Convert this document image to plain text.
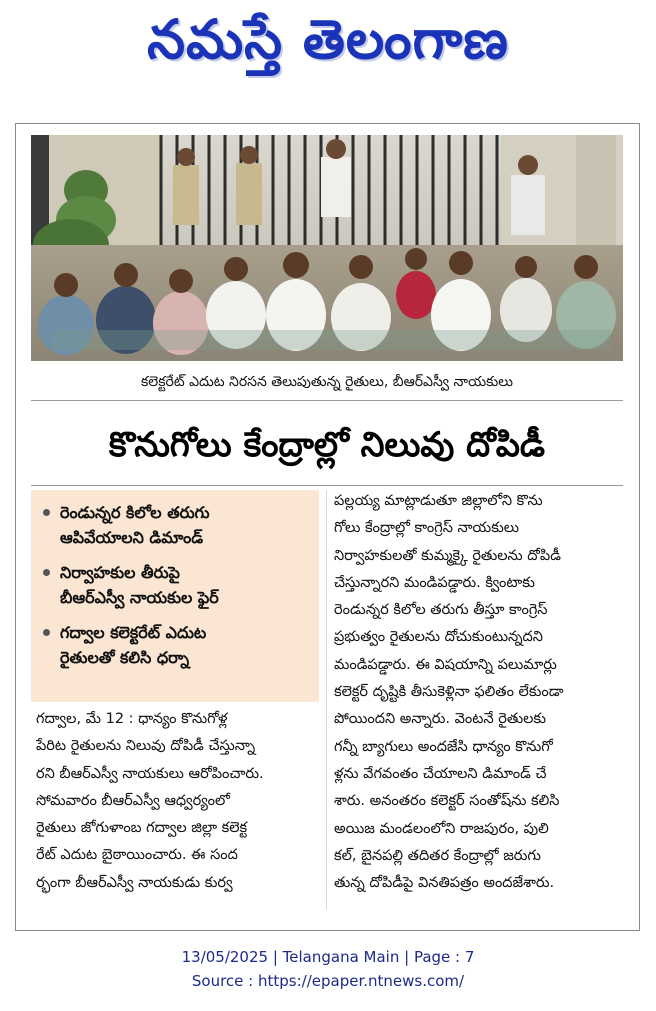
నమస్తే తెలంగాణ
కలెక్టరేట్ ఎదుట నిరసన తెలుపుతున్న రైతులు, బీఆర్ఎస్వీ నాయకులు
కొనుగోలు కేంద్రాల్లో నిలువు దోపిడీ
రెండున్నర కిలోల తరుగు
ఆపివేయాలని డిమాండ్
నిర్వాహకుల తీరుపై
బీఆర్ఎస్వీ నాయకుల ఫైర్
గద్వాల కలెక్టరేట్ ఎదుట
రైతులతో కలిసి ధర్నా
గద్వాల, మే 12 : ధాన్యం కొనుగోళ్ల
పేరిట రైతులను నిలువు దోపిడీ చేస్తున్నా
రని బీఆర్ఎస్వీ నాయకులు ఆరోపించారు.
సోమవారం బీఆర్ఎస్వీ ఆధ్వర్యంలో
రైతులు జోగుళాంబ గద్వాల జిల్లా కలెక్ట
రేట్ ఎదుట బైఠాయించారు. ఈ సంద
ర్భంగా బీఆర్ఎస్వీ నాయకుడు కుర్వ
పల్లయ్య మాట్లాడుతూ జిల్లాలోని కొను
గోలు కేంద్రాల్లో కాంగ్రెస్ నాయకులు
నిర్వాహకులతో కుమ్మక్కై రైతులను దోపిడీ
చేస్తున్నారని మండిపడ్డారు. క్వింటాకు
రెండున్నర కిలోల తరుగు తీస్తూ కాంగ్రెస్
ప్రభుత్వం రైతులను దోచుకుంటున్నదని
మండిపడ్డారు. ఈ విషయాన్ని పలుమార్లు
కలెక్టర్ దృష్టికి తీసుకెళ్లినా ఫలితం లేకుండా
పోయిందని అన్నారు. వెంటనే రైతులకు
గన్నీ బ్యాగులు అందజేసి ధాన్యం కొనుగో
ళ్లను వేగవంతం చేయాలని డిమాండ్ చే
శారు. అనంతరం కలెక్టర్ సంతోష్‌ను కలిసి
అయిజ మండలంలోని రాజపురం, పులి
కల్, బైనపల్లి తదితర కేంద్రాల్లో జరుగు
తున్న దోపిడీపై వినతిపత్రం అందజేశారు.
13/05/2025 | Telangana Main | Page : 7
Source : https://epaper.ntnews.com/
